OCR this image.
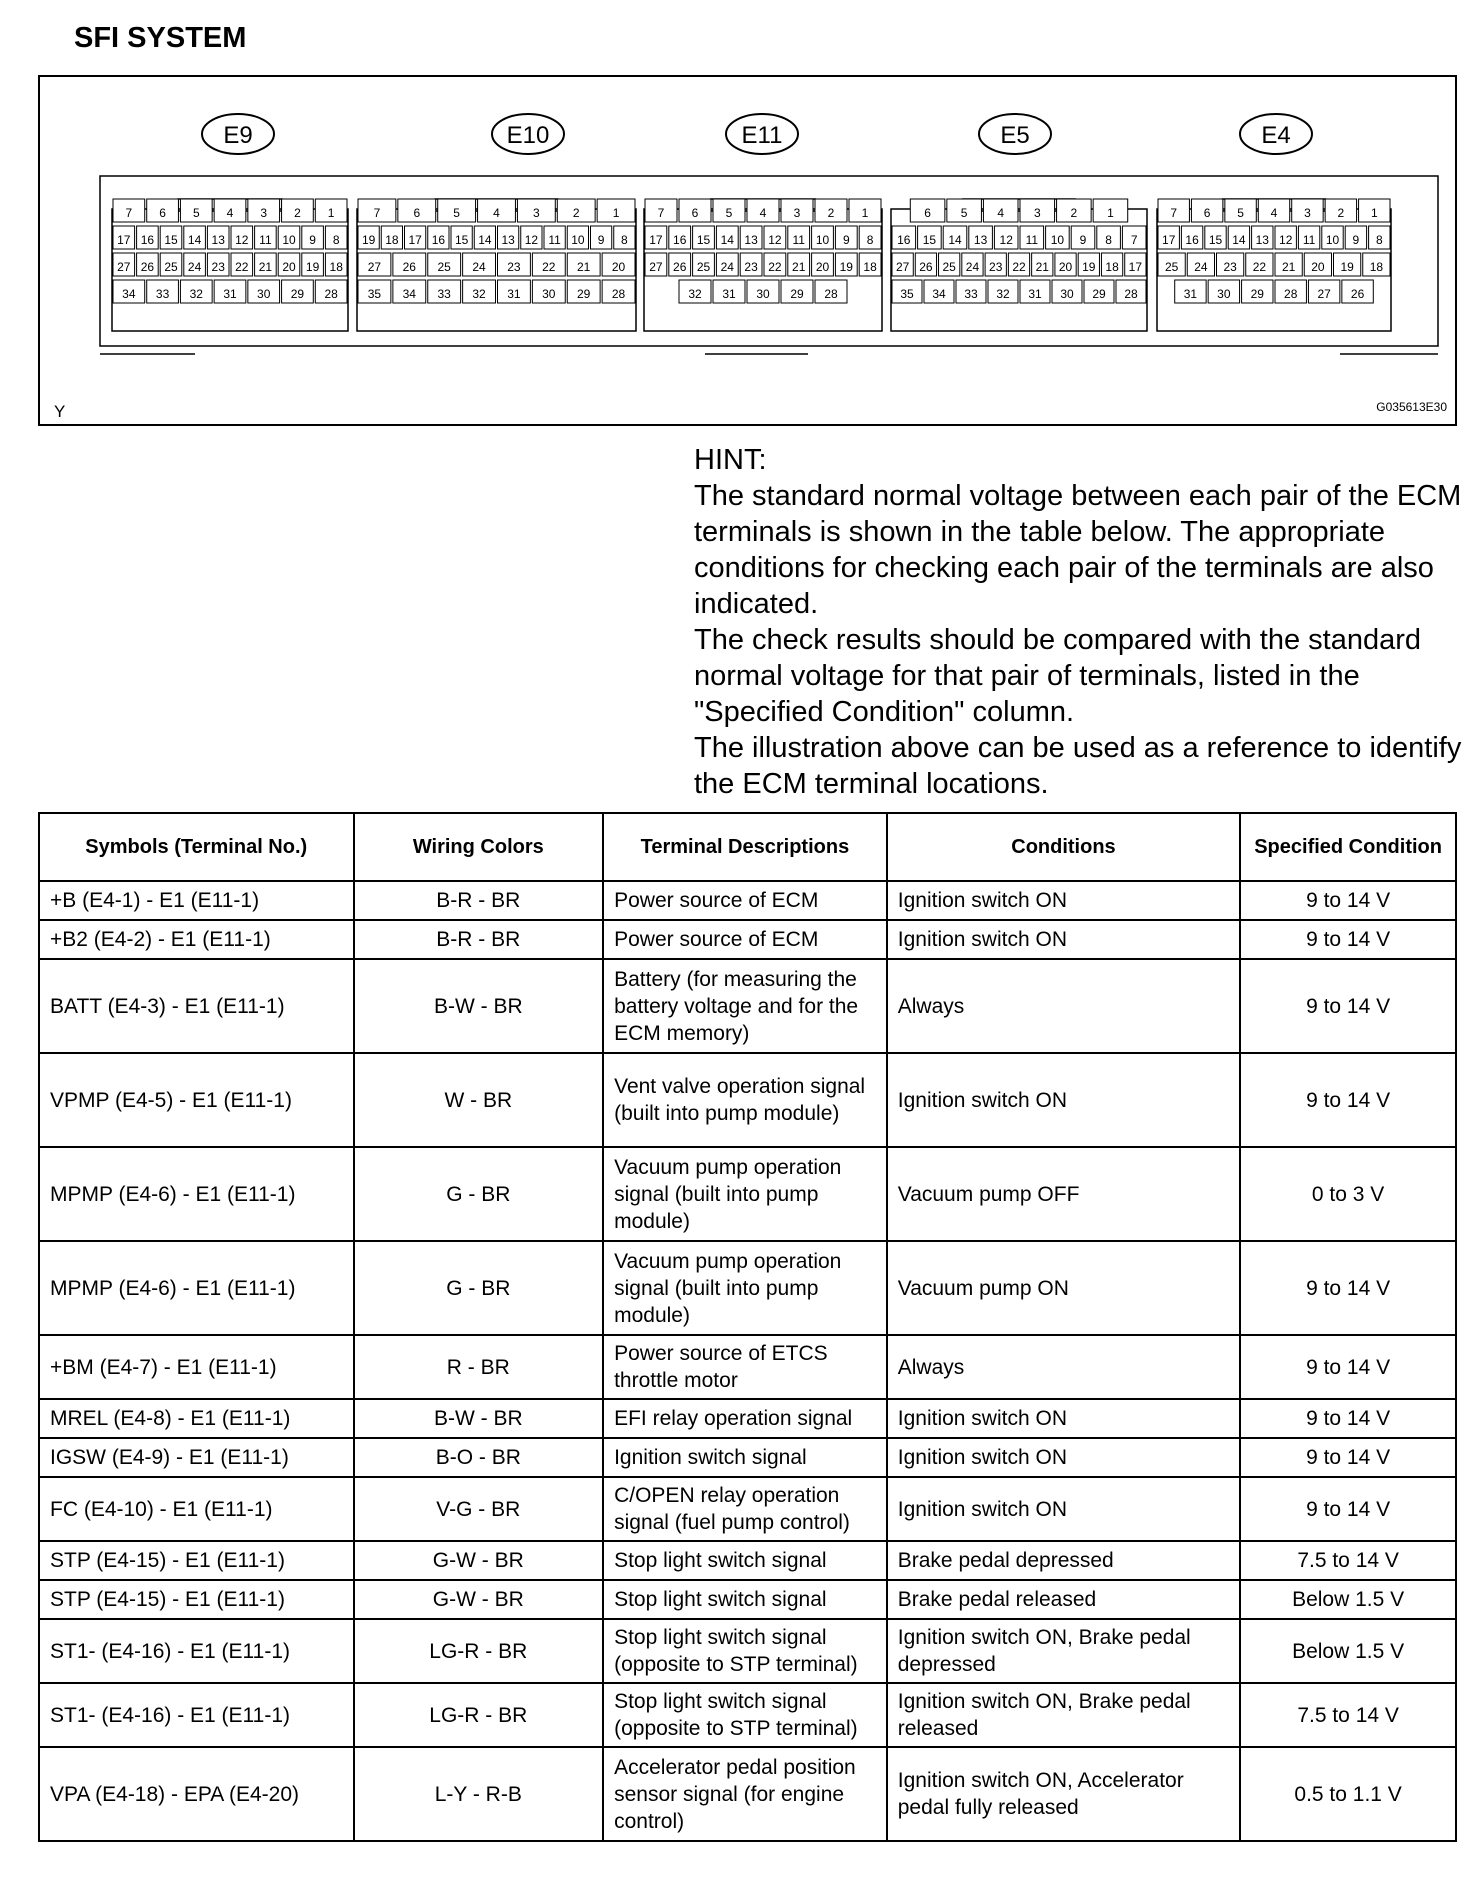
SFI SYSTEM
E9
7 6 5 4 3 2 1
17 16 15 14 13 12 11 10 9 8
27 26 25 24 23 22 21 20 19 18
34 33 32 31 30 29 28
E10
7	6	5	4	3	2	1
19 18 17 16 15 14 13 12 11 10 9 8
27 26 25 24 23 22 21 20
35 34 33 32 31 30 29 28
E11
7 6 5 4 3 2 1
17 16 15 14 13 12 11 10 9 8
27 26 25 24 23 22 21 20 19 18
32 31 30 29 28
E5
6 5 4 3 2 1
16 15 14 13 12 11 10 9 8 7
27 26 25 24 23 22 21 20 19 18 17
35 34 33 32 31 30 29 28
E4
7 6 5 4 3 2 1
17 16 15 14 13 12 11 10 9 8
25 24 23 22 21 20 19 18
31 30 29 28 27 26
Y	G035613E30

HINT:

The standard normal voltage between each pair of the ECM terminals is shown in the table below. The appropriate conditions for checking each pair of the terminals are also indicated.

The check results should be compared with the standard normal voltage for that pair of terminals, listed in the "Specified Condition" column.

The illustration above can be used as a reference to identify the ECM terminal locations.

Symbols (Terminal No.)	Wiring Colors	Terminal Descriptions	Conditions	Specified Condition
+B (E4-1) - E1 (E11-1)	B-R - BR	Power source of ECM	Ignition switch ON	9 to 14 V
+B2 (E4-2) - E1 (E11-1)	B-R - BR	Power source of ECM	Ignition switch ON	9 to 14 V
BATT (E4-3) - E1 (E11-1)	B-W - BR	Battery (for measuring the battery voltage and for the ECM memory)	Always	9 to 14 V
VPMP (E4-5) - E1 (E11-1)	W - BR	Vent valve operation signal (built into pump module)	Ignition switch ON	9 to 14 V
MPMP (E4-6) - E1 (E11-1)	G - BR	Vacuum pump operation signal (built into pump module)	Vacuum pump OFF	0 to 3 V
MPMP (E4-6) - E1 (E11-1)	G - BR	Vacuum pump operation signal (built into pump module)	Vacuum pump ON	9 to 14 V
+BM (E4-7) - E1 (E11-1)	R - BR	Power source of ETCS throttle motor	Always	9 to 14 V
MREL (E4-8) - E1 (E11-1)	B-W - BR	EFI relay operation signal	Ignition switch ON	9 to 14 V
IGSW (E4-9) - E1 (E11-1)	B-O - BR	Ignition switch signal	Ignition switch ON	9 to 14 V
FC (E4-10) - E1 (E11-1)	V-G - BR	C/OPEN relay operation signal (fuel pump control)	Ignition switch ON	9 to 14 V
STP (E4-15) - E1 (E11-1)	G-W - BR	Stop light switch signal	Brake pedal depressed	7.5 to 14 V
STP (E4-15) - E1 (E11-1)	G-W - BR	Stop light switch signal	Brake pedal released	Below 1.5 V
ST1- (E4-16) - E1 (E11-1)	LG-R - BR	Stop light switch signal (opposite to STP terminal)	Ignition switch ON, Brake pedal depressed	Below 1.5 V
ST1- (E4-16) - E1 (E11-1)	LG-R - BR	Stop light switch signal (opposite to STP terminal)	Ignition switch ON, Brake pedal released	7.5 to 14 V
VPA (E4-18) - EPA (E4-20)	L-Y - R-B	Accelerator pedal position sensor signal (for engine control)	Ignition switch ON, Accelerator pedal fully released	0.5 to 1.1 V
